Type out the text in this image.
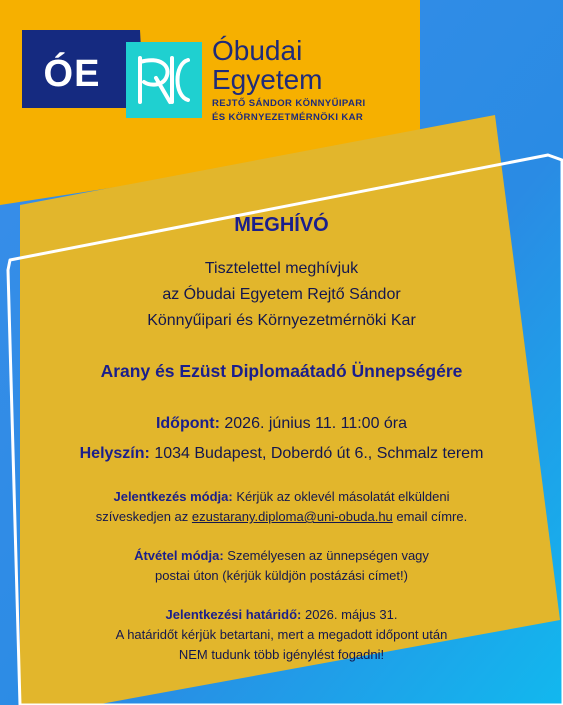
ÓE
Óbudai
Egyetem
REJTŐ SÁNDOR KÖNNYŰIPARI
ÉS KÖRNYEZETMÉRNÖKI KAR
MEGHÍVÓ
Tisztelettel meghívjuk
az Óbudai Egyetem Rejtő Sándor
Könnyűipari és Környezetmérnöki Kar
Arany és Ezüst Diplomaátadó Ünnepségére
Időpont: 2026. június 11. 11:00 óra
Helyszín: 1034 Budapest, Doberdó út 6., Schmalz terem
Jelentkezés módja: Kérjük az oklevél másolatát elküldeni
szíveskedjen az ezustarany.diploma@uni-obuda.hu email címre.
Átvétel módja: Személyesen az ünnepségen vagy
postai úton (kérjük küldjön postázási címet!)
Jelentkezési határidő: 2026. május 31.
A határidőt kérjük betartani, mert a megadott időpont után
NEM tudunk több igénylést fogadni!
